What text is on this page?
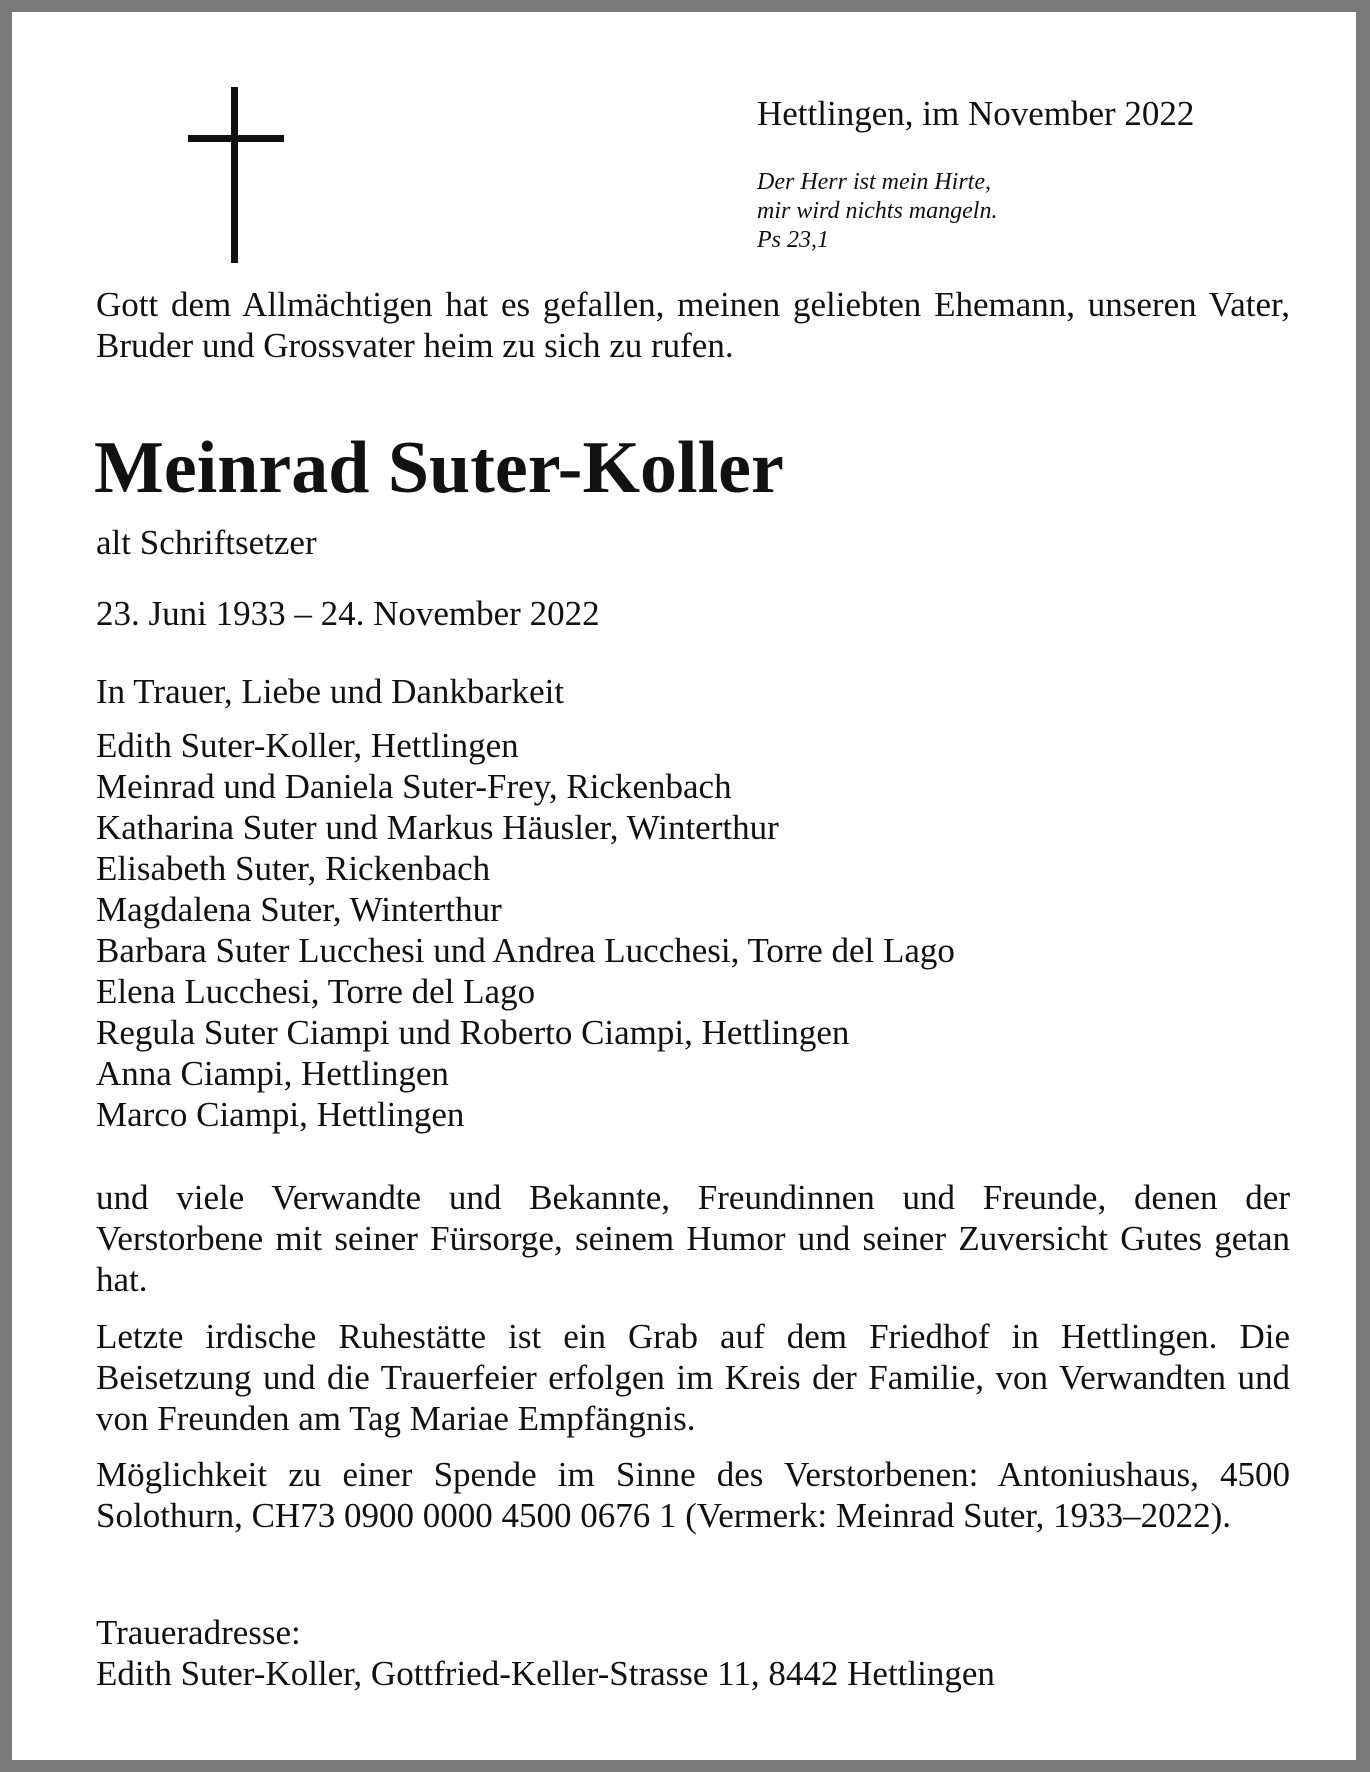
Hettlingen, im November 2022
Der Herr ist mein Hirte,
mir wird nichts mangeln.
Ps 23,1

Gott dem Allmächtigen hat es gefallen, meinen geliebten Ehemann, unseren Vater, Bruder und Grossvater heim zu sich zu rufen.

Meinrad Suter-Koller
alt Schriftsetzer
23. Juni 1933 – 24. November 2022
In Trauer, Liebe und Dankbarkeit
Edith Suter-Koller, Hettlingen
Meinrad und Daniela Suter-Frey, Rickenbach
Katharina Suter und Markus Häusler, Winterthur
Elisabeth Suter, Rickenbach
Magdalena Suter, Winterthur
Barbara Suter Lucchesi und Andrea Lucchesi, Torre del Lago
Elena Lucchesi, Torre del Lago
Regula Suter Ciampi und Roberto Ciampi, Hettlingen
Anna Ciampi, Hettlingen
Marco Ciampi, Hettlingen

und viele Verwandte und Bekannte, Freundinnen und Freunde, denen der Verstorbene mit seiner Fürsorge, seinem Humor und seiner Zuversicht Gutes getan hat.

Letzte irdische Ruhestätte ist ein Grab auf dem Friedhof in Hettlingen. Die Beisetzung und die Trauerfeier erfolgen im Kreis der Familie, von Verwandten und von Freunden am Tag Mariae Empfängnis.

Möglichkeit zu einer Spende im Sinne des Verstorbenen: Antoniushaus, 4500 Solothurn, CH73 0900 0000 4500 0676 1 (Vermerk: Meinrad Suter, 1933–2022).

Traueradresse:
Edith Suter-Koller, Gottfried-Keller-Strasse 11, 8442 Hettlingen
